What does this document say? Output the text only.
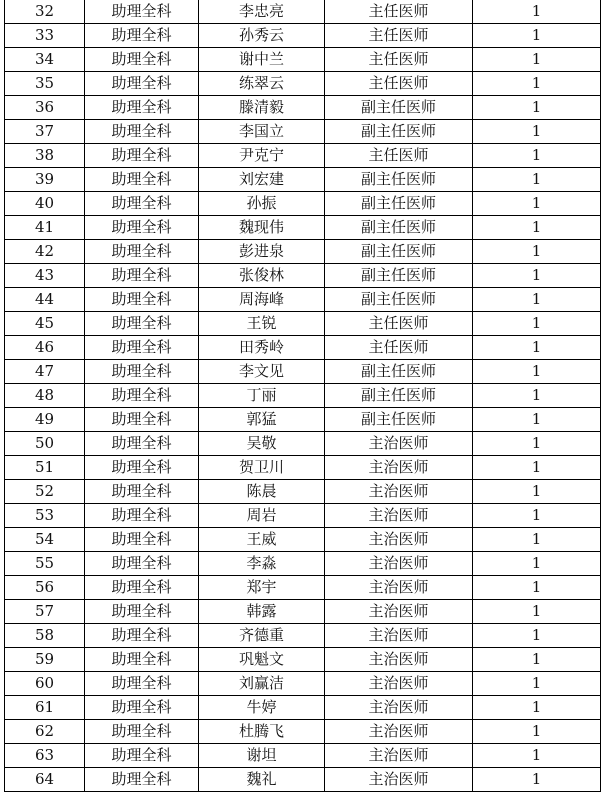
32	助理全科	李忠亮	主任医师	1
33	助理全科	孙秀云	主任医师	1
34	助理全科	谢中兰	主任医师	1
35	助理全科	练翠云	主任医师	1
36	助理全科	滕清毅	副主任医师	1
37	助理全科	李国立	副主任医师	1
38	助理全科	尹克宁	主任医师	1
39	助理全科	刘宏建	副主任医师	1
40	助理全科	孙振	副主任医师	1
41	助理全科	魏现伟	副主任医师	1
42	助理全科	彭进泉	副主任医师	1
43	助理全科	张俊林	副主任医师	1
44	助理全科	周海峰	副主任医师	1
45	助理全科	王锐	主任医师	1
46	助理全科	田秀岭	主任医师	1
47	助理全科	李文见	副主任医师	1
48	助理全科	丁丽	副主任医师	1
49	助理全科	郭猛	副主任医师	1
50	助理全科	吴敬	主治医师	1
51	助理全科	贺卫川	主治医师	1
52	助理全科	陈晨	主治医师	1
53	助理全科	周岩	主治医师	1
54	助理全科	王威	主治医师	1
55	助理全科	李淼	主治医师	1
56	助理全科	郑宇	主治医师	1
57	助理全科	韩露	主治医师	1
58	助理全科	齐德重	主治医师	1
59	助理全科	巩魁文	主治医师	1
60	助理全科	刘赢洁	主治医师	1
61	助理全科	牛婷	主治医师	1
62	助理全科	杜腾飞	主治医师	1
63	助理全科	谢坦	主治医师	1
64	助理全科	魏礼	主治医师	1
